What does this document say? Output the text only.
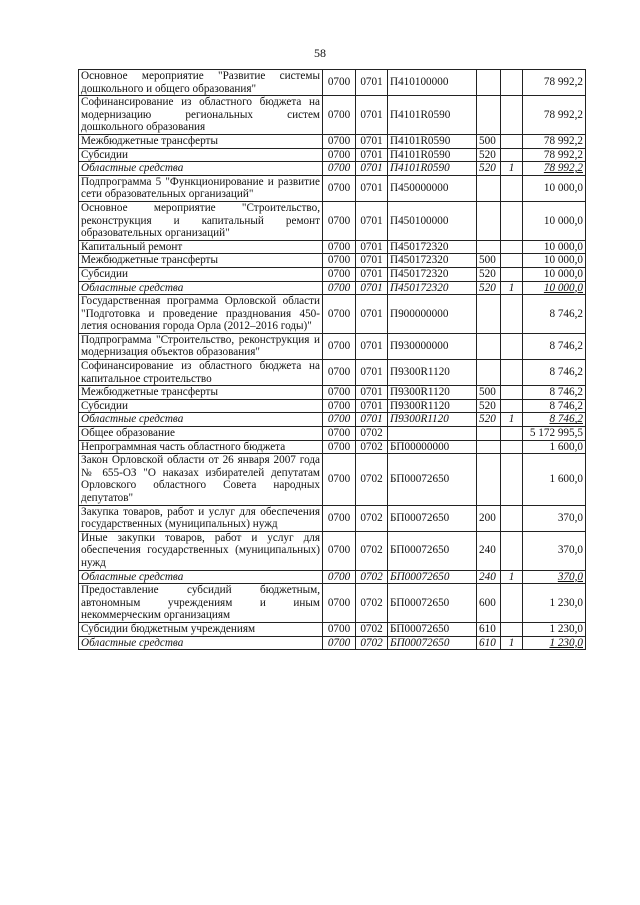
58
Основное мероприятие "Развитие системы дошкольного и общего образования"	0700	0701	П410100000			78 992,2
Софинансирование из областного бюджета на модернизацию региональных систем дошкольного образования	0700	0701	П4101R0590			78 992,2
Межбюджетные трансферты	0700	0701	П4101R0590	500		78 992,2
Субсидии	0700	0701	П4101R0590	520		78 992,2
Областные средства	0700	0701	П4101R0590	520	1	78 992,2
Подпрограмма 5 "Функционирование и развитие сети образовательных организаций"	0700	0701	П450000000			10 000,0
Основное мероприятие "Строительство, реконструкция и капитальный ремонт образовательных организаций"	0700	0701	П450100000			10 000,0
Капитальный ремонт	0700	0701	П450172320			10 000,0
Межбюджетные трансферты	0700	0701	П450172320	500		10 000,0
Субсидии	0700	0701	П450172320	520		10 000,0
Областные средства	0700	0701	П450172320	520	1	10 000,0
Государственная программа Орловской области "Подготовка и проведение празднования 450-летия основания города Орла (2012–2016 годы)"	0700	0701	П900000000			8 746,2
Подпрограмма "Строительство, реконструкция и модернизация объектов образования"	0700	0701	П930000000			8 746,2
Софинансирование из областного бюджета на капитальное строительство	0700	0701	П9300R1120			8 746,2
Межбюджетные трансферты	0700	0701	П9300R1120	500		8 746,2
Субсидии	0700	0701	П9300R1120	520		8 746,2
Областные средства	0700	0701	П9300R1120	520	1	8 746,2
Общее образование	0700	0702				5 172 995,5
Непрограммная часть областного бюджета	0700	0702	БП00000000			1 600,0
Закон Орловской области от 26 января 2007 года № 655-ОЗ "О наказах избирателей депутатам Орловского областного Совета народных депутатов"	0700	0702	БП00072650			1 600,0
Закупка товаров, работ и услуг для обеспечения государственных (муниципальных) нужд	0700	0702	БП00072650	200		370,0
Иные закупки товаров, работ и услуг для обеспечения государственных (муниципальных) нужд	0700	0702	БП00072650	240		370,0
Областные средства	0700	0702	БП00072650	240	1	370,0
Предоставление субсидий бюджетным, автономным учреждениям и иным некоммерческим организациям	0700	0702	БП00072650	600		1 230,0
Субсидии бюджетным учреждениям	0700	0702	БП00072650	610		1 230,0
Областные средства	0700	0702	БП00072650	610	1	1 230,0
